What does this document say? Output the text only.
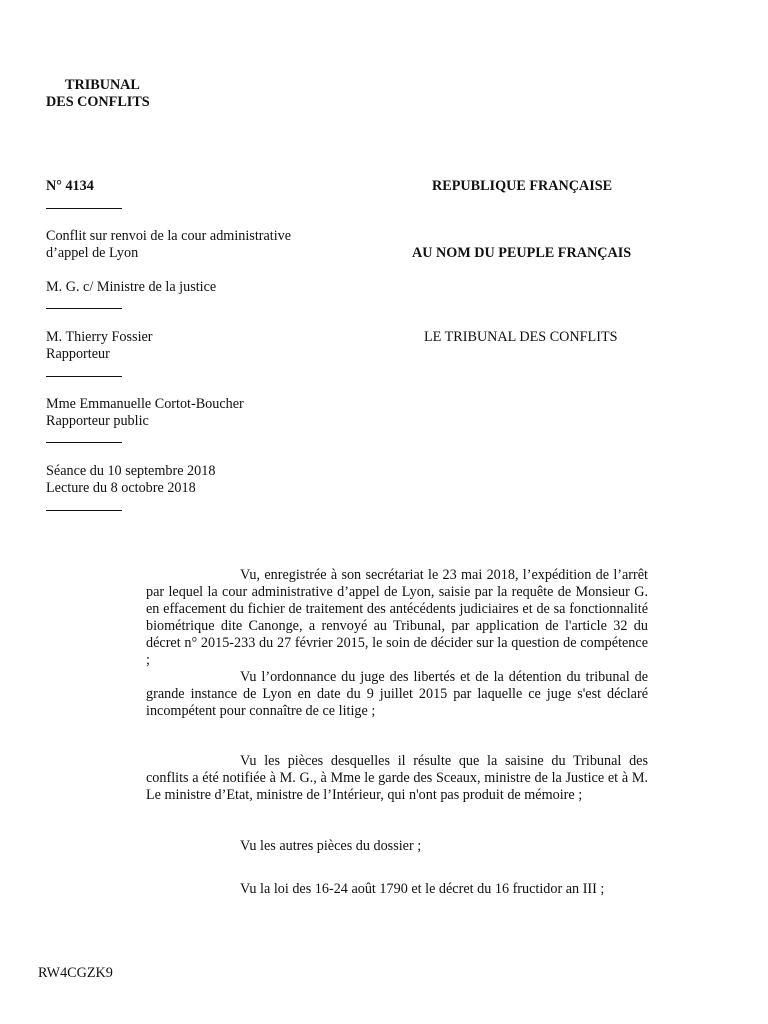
TRIBUNAL
DES CONFLITS
N° 4134
Conflit sur renvoi de la cour administrative
d’appel de Lyon
M. G. c/ Ministre de la justice
M. Thierry Fossier
Rapporteur
Mme Emmanuelle Cortot-Boucher
Rapporteur public
Séance du 10 septembre 2018
Lecture du 8 octobre 2018
REPUBLIQUE FRANÇAISE
AU NOM DU PEUPLE FRANÇAIS
LE TRIBUNAL DES CONFLITS
Vu, enregistrée à son secrétariat le 23 mai 2018, l’expédition de l’arrêt par lequel la cour administrative d’appel de Lyon, saisie par la requête de Monsieur G. en effacement du fichier de traitement des antécédents judiciaires et de sa fonctionnalité biométrique dite Canonge, a renvoyé au Tribunal, par application de l'article 32 du décret n° 2015-233 du 27 février 2015, le soin de décider sur la question de compétence ;
Vu l’ordonnance du juge des libertés et de la détention du tribunal de grande instance de Lyon en date du 9 juillet 2015 par laquelle ce juge s'est déclaré incompétent pour connaître de ce litige ;
Vu les pièces desquelles il résulte que la saisine du Tribunal des conflits a été notifiée à M. G., à Mme le garde des Sceaux, ministre de la Justice et à M. Le ministre d’Etat, ministre de l’Intérieur, qui n'ont pas produit de mémoire ;
Vu les autres pièces du dossier ;
Vu la loi des 16-24 août 1790 et le décret du 16 fructidor an III ;
RW4CGZK9
